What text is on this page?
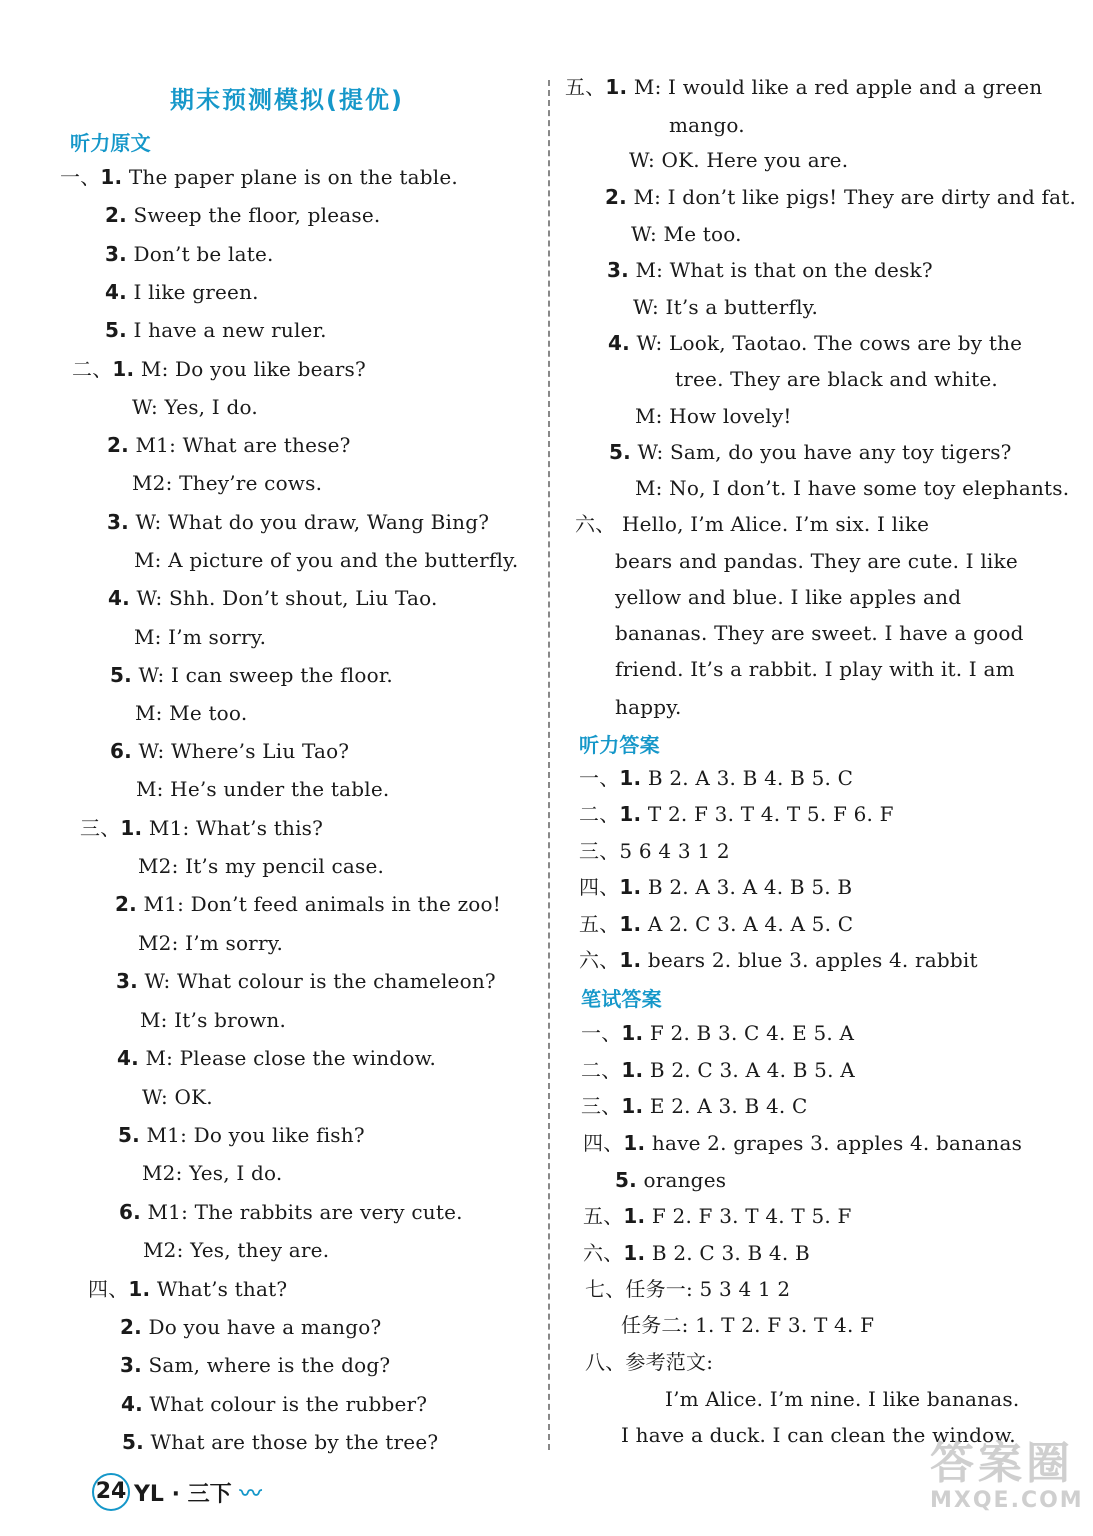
期末预测模拟(提优)
听力原文
一、1. The paper plane is on the table.
2. Sweep the floor, please.
3. Don’t be late.
4. I like green.
5. I have a new ruler.
二、1. M: Do you like bears?
W: Yes, I do.
2. M1: What are these?
M2: They’re cows.
3. W: What do you draw, Wang Bing?
M: A picture of you and the butterfly.
4. W: Shh. Don’t shout, Liu Tao.
M: I’m sorry.
5. W: I can sweep the floor.
M: Me too.
6. W: Where’s Liu Tao?
M: He’s under the table.
三、1. M1: What’s this?
M2: It’s my pencil case.
2. M1: Don’t feed animals in the zoo!
M2: I’m sorry.
3. W: What colour is the chameleon?
M: It’s brown.
4. M: Please close the window.
W: OK.
5. M1: Do you like fish?
M2: Yes, I do.
6. M1: The rabbits are very cute.
M2: Yes, they are.
四、1. What’s that?
2. Do you have a mango?
3. Sam, where is the dog?
4. What colour is the rubber?
5. What are those by the tree?
五、1. M: I would like a red apple and a green
mango.
W: OK. Here you are.
2. M: I don’t like pigs! They are dirty and fat.
W: Me too.
3. M: What is that on the desk?
W: It’s a butterfly.
4. W: Look, Taotao. The cows are by the
tree. They are black and white.
M: How lovely!
5. W: Sam, do you have any toy tigers?
M: No, I don’t. I have some toy elephants.
六、 Hello, I’m Alice. I’m six. I like
bears and pandas. They are cute. I like
yellow and blue. I like apples and
bananas. They are sweet. I have a good
friend. It’s a rabbit. I play with it. I am
happy.
听力答案
一、1. B 2. A 3. B 4. B 5. C
二、1. T 2. F 3. T 4. T 5. F 6. F
三、5 6 4 3 1 2
四、1. B 2. A 3. A 4. B 5. B
五、1. A 2. C 3. A 4. A 5. C
六、1. bears 2. blue 3. apples 4. rabbit
笔试答案
一、1. F 2. B 3. C 4. E 5. A
二、1. B 2. C 3. A 4. B 5. A
三、1. E 2. A 3. B 4. C
四、1. have 2. grapes 3. apples 4. bananas
5. oranges
五、1. F 2. F 3. T 4. T 5. F
六、1. B 2. C 3. B 4. B
七、任务一: 5 3 4 1 2
任务二: 1. T 2. F 3. T 4. F
八、参考范文:
I’m Alice. I’m nine. I like bananas.
I have a duck. I can clean the window.
24 YL · 三下 〰
答案圈
MXQE.COM
